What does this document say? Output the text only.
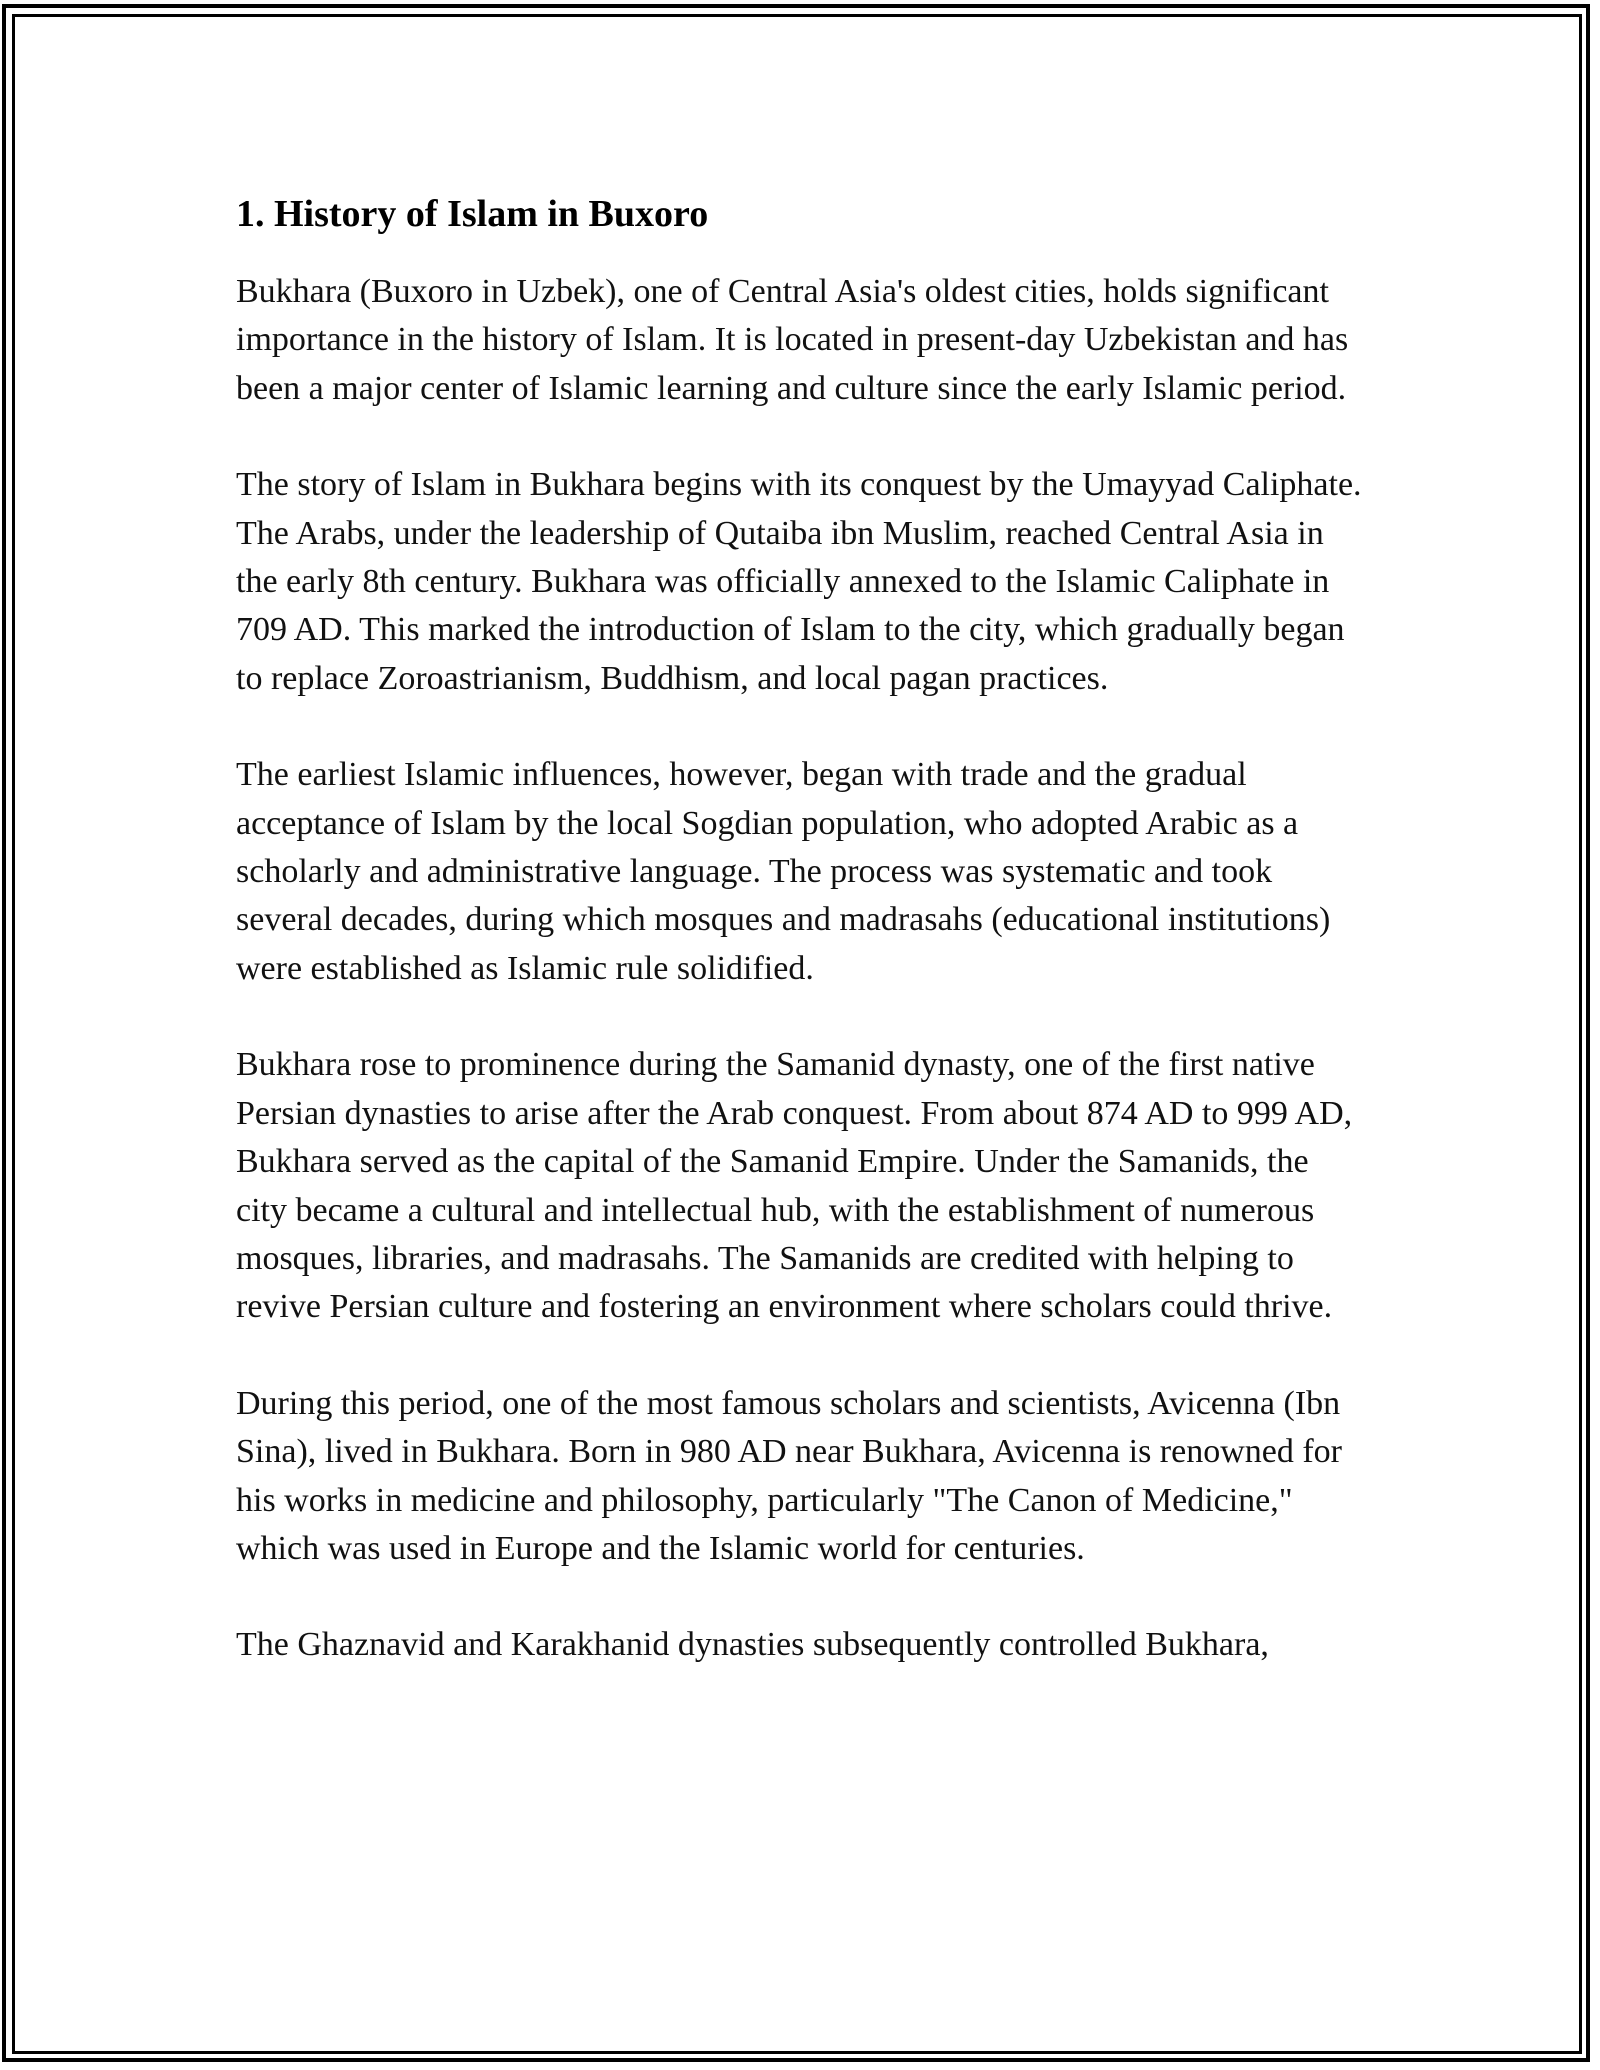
1. History of Islam in Buxoro

Bukhara (Buxoro in Uzbek), one of Central Asia's oldest cities, holds significant importance in the history of Islam. It is located in present-day Uzbekistan and has been a major center of Islamic learning and culture since the early Islamic period.

The story of Islam in Bukhara begins with its conquest by the Umayyad Caliphate. The Arabs, under the leadership of Qutaiba ibn Muslim, reached Central Asia in the early 8th century. Bukhara was officially annexed to the Islamic Caliphate in 709 AD. This marked the introduction of Islam to the city, which gradually began to replace Zoroastrianism, Buddhism, and local pagan practices.

The earliest Islamic influences, however, began with trade and the gradual acceptance of Islam by the local Sogdian population, who adopted Arabic as a scholarly and administrative language. The process was systematic and took several decades, during which mosques and madrasahs (educational institutions) were established as Islamic rule solidified.

Bukhara rose to prominence during the Samanid dynasty, one of the first native Persian dynasties to arise after the Arab conquest. From about 874 AD to 999 AD, Bukhara served as the capital of the Samanid Empire. Under the Samanids, the city became a cultural and intellectual hub, with the establishment of numerous mosques, libraries, and madrasahs. The Samanids are credited with helping to revive Persian culture and fostering an environment where scholars could thrive.

During this period, one of the most famous scholars and scientists, Avicenna (Ibn Sina), lived in Bukhara. Born in 980 AD near Bukhara, Avicenna is renowned for his works in medicine and philosophy, particularly "The Canon of Medicine," which was used in Europe and the Islamic world for centuries.

The Ghaznavid and Karakhanid dynasties subsequently controlled Bukhara,
